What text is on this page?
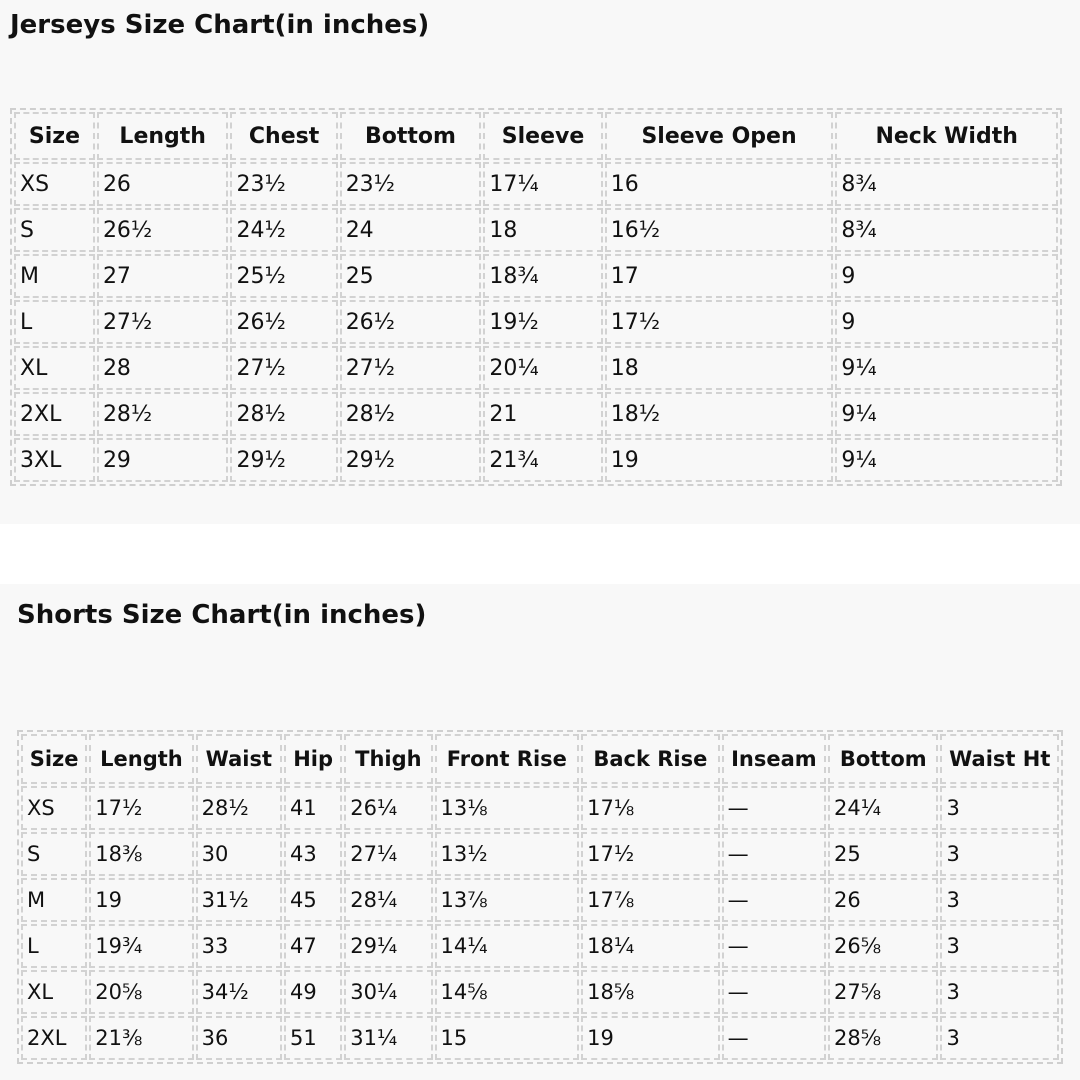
Jerseys Size Chart(in inches)
Size	Length	Chest	Bottom	Sleeve	Sleeve Open	Neck Width
XS	26	23½	23½	17¼	16	8¾
S	26½	24½	24	18	16½	8¾
M	27	25½	25	18¾	17	9
L	27½	26½	26½	19½	17½	9
XL	28	27½	27½	20¼	18	9¼
2XL	28½	28½	28½	21	18½	9¼
3XL	29	29½	29½	21¾	19	9¼
Shorts Size Chart(in inches)
Size	Length	Waist	Hip	Thigh	Front Rise	Back Rise	Inseam	Bottom	Waist Ht
XS	17½	28½	41	26¼	13⅛	17⅛	—	24¼	3
S	18⅜	30	43	27¼	13½	17½	—	25	3
M	19	31½	45	28¼	13⅞	17⅞	—	26	3
L	19¾	33	47	29¼	14¼	18¼	—	26⅝	3
XL	20⅝	34½	49	30¼	14⅝	18⅝	—	27⅝	3
2XL	21⅜	36	51	31¼	15	19	—	28⅝	3
